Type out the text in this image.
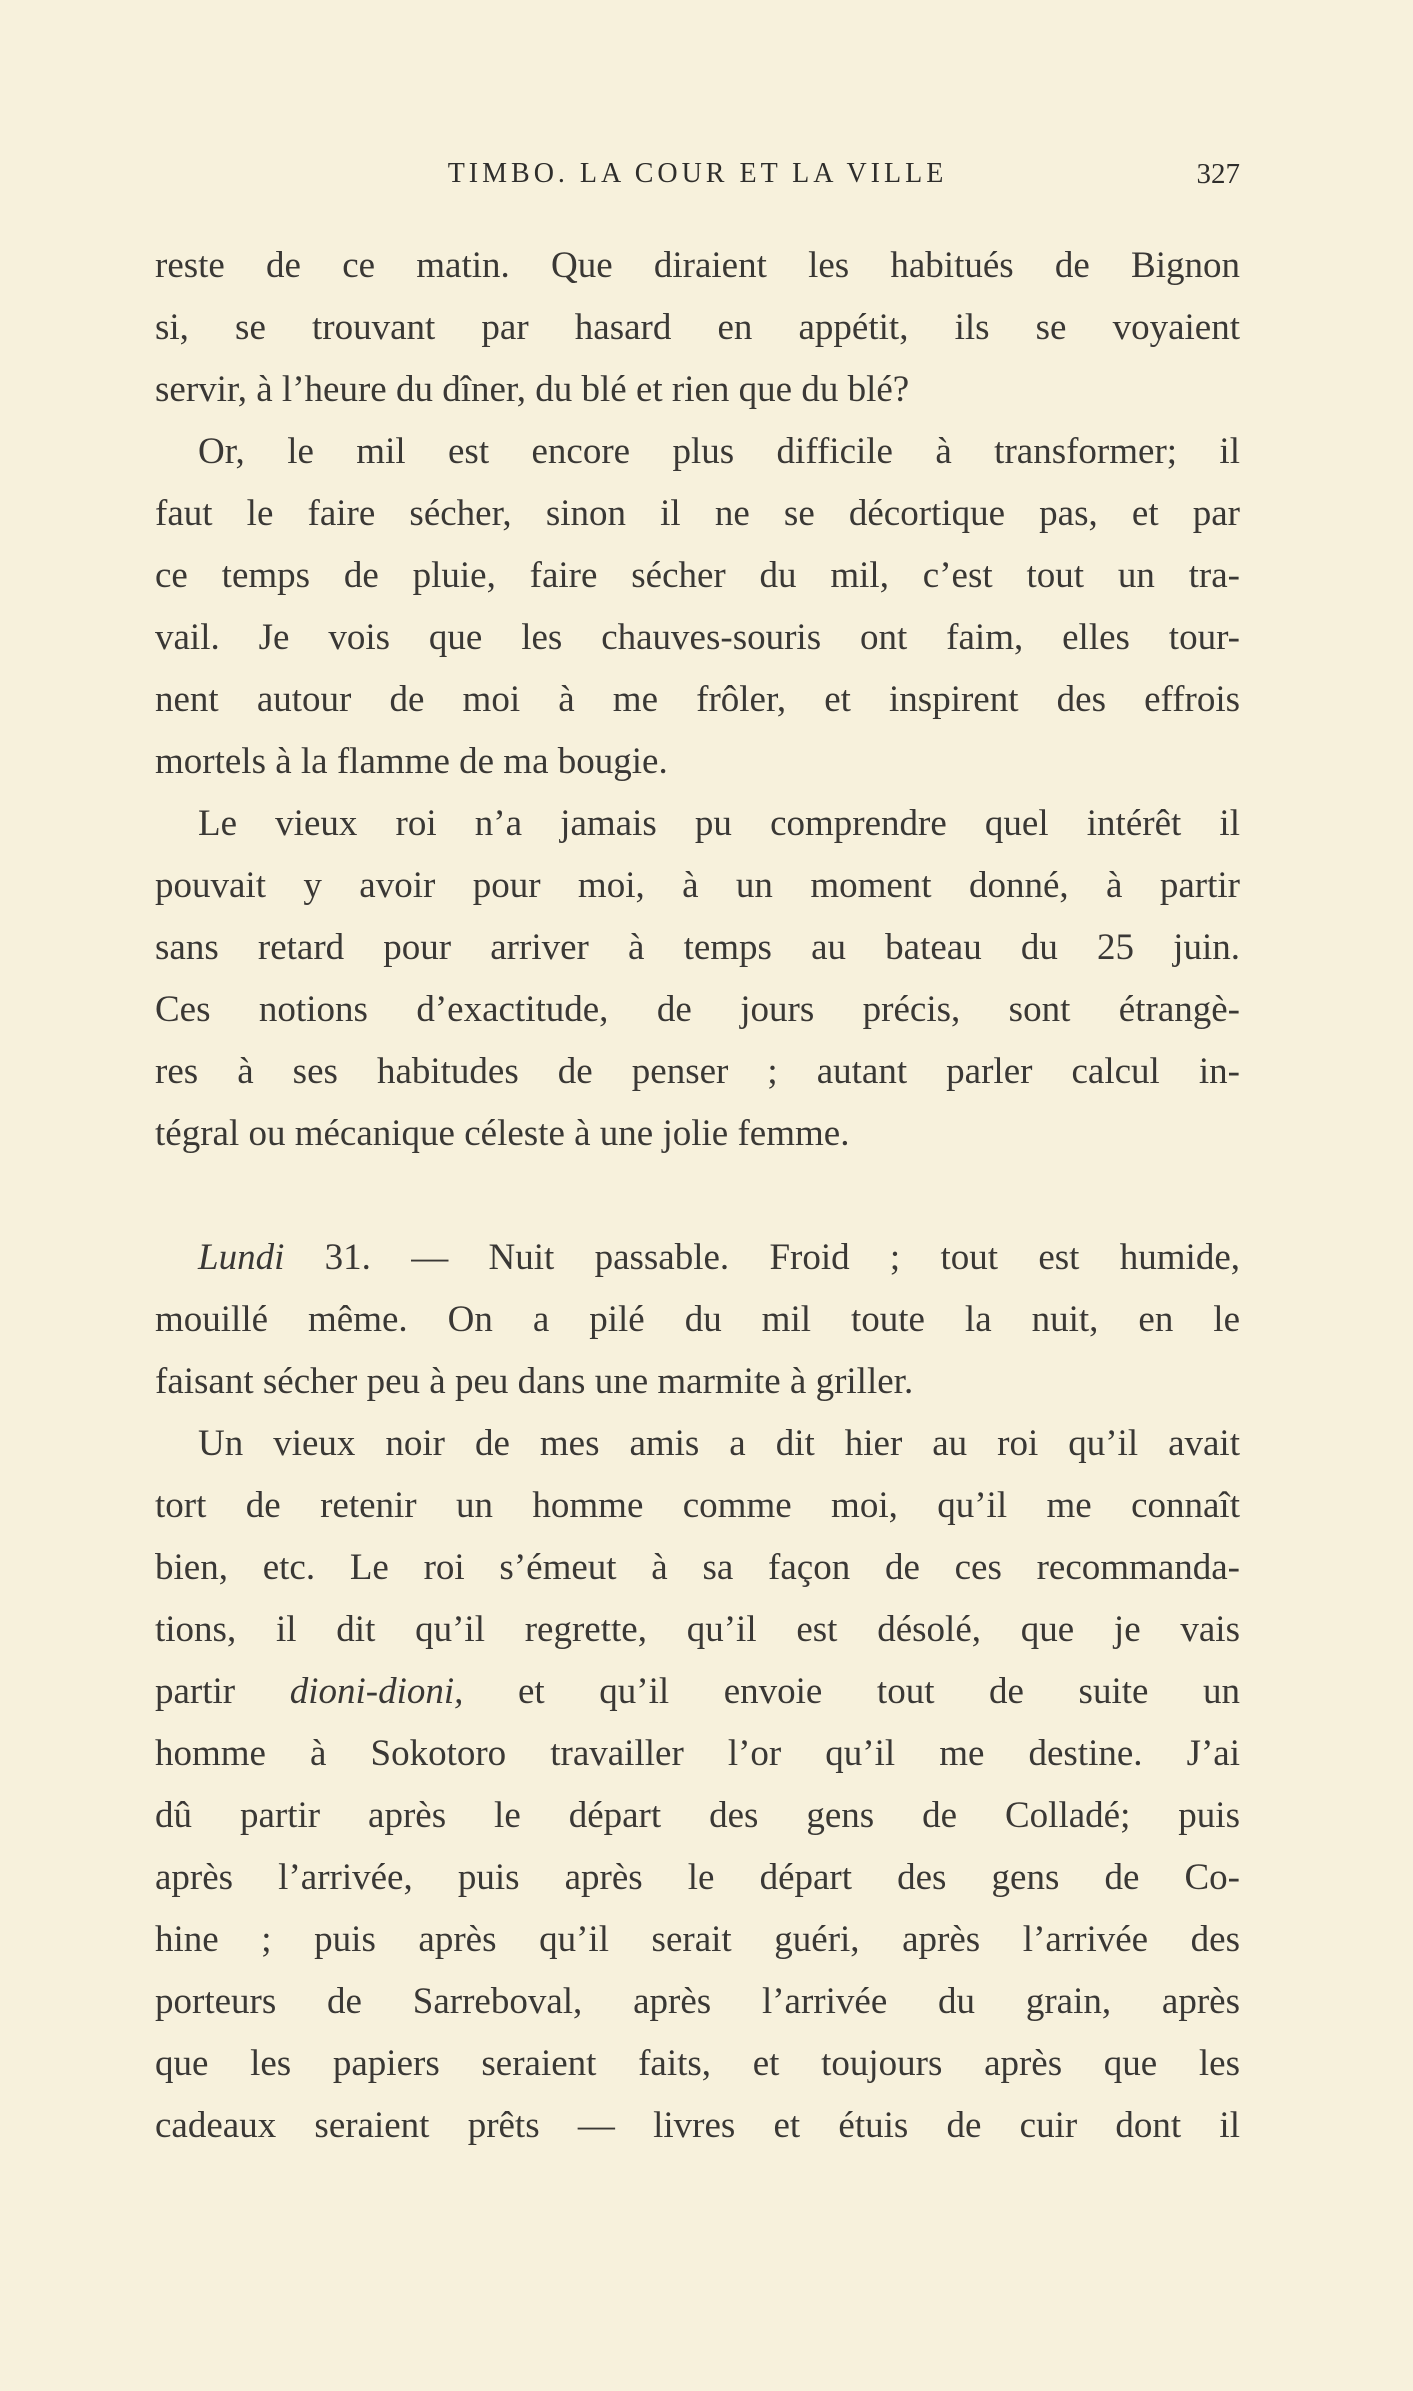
TIMBO. LA COUR ET LA VILLE	327
reste de ce matin. Que diraient les habitués de Bignon
si, se trouvant par hasard en appétit, ils se voyaient
servir, à l’heure du dîner, du blé et rien que du blé?
Or, le mil est encore plus difficile à transformer; il
faut le faire sécher, sinon il ne se décortique pas, et par
ce temps de pluie, faire sécher du mil, c’est tout un tra-
vail. Je vois que les chauves-souris ont faim, elles tour-
nent autour de moi à me frôler, et inspirent des effrois
mortels à la flamme de ma bougie.
Le vieux roi n’a jamais pu comprendre quel intérêt il
pouvait y avoir pour moi, à un moment donné, à partir
sans retard pour arriver à temps au bateau du 25 juin.
Ces notions d’exactitude, de jours précis, sont étrangè-
res à ses habitudes de penser ; autant parler calcul in-
tégral ou mécanique céleste à une jolie femme.
Lundi 31. — Nuit passable. Froid ; tout est humide,
mouillé même. On a pilé du mil toute la nuit, en le
faisant sécher peu à peu dans une marmite à griller.
Un vieux noir de mes amis a dit hier au roi qu’il avait
tort de retenir un homme comme moi, qu’il me connaît
bien, etc. Le roi s’émeut à sa façon de ces recommanda-
tions, il dit qu’il regrette, qu’il est désolé, que je vais
partir dioni-dioni, et qu’il envoie tout de suite un
homme à Sokotoro travailler l’or qu’il me destine. J’ai
dû partir après le départ des gens de Colladé; puis
après l’arrivée, puis après le départ des gens de Co-
hine ; puis après qu’il serait guéri, après l’arrivée des
porteurs de Sarreboval, après l’arrivée du grain, après
que les papiers seraient faits, et toujours après que les
cadeaux seraient prêts — livres et étuis de cuir dont il
